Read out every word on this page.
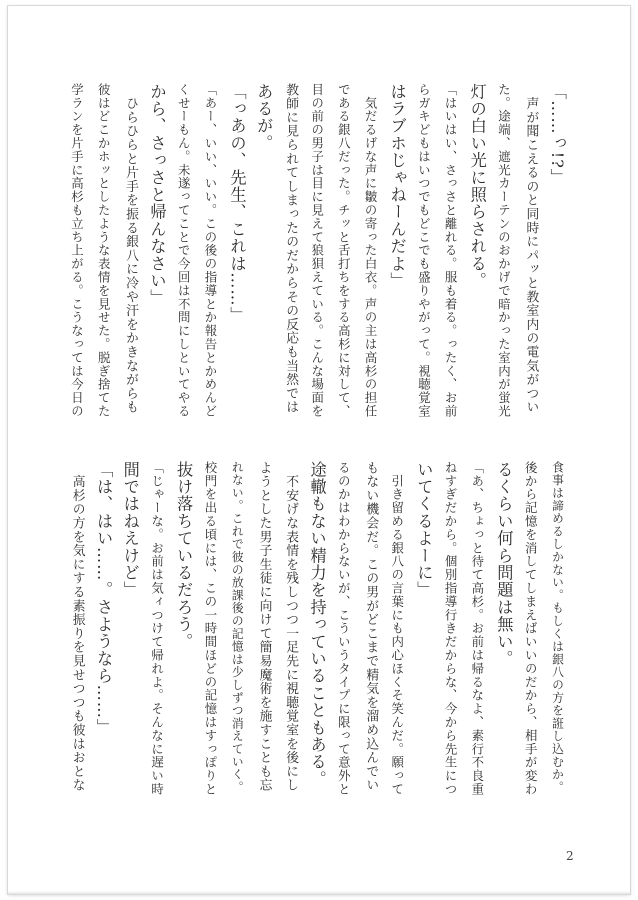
「……っ!?」
　声が聞こえるのと同時にパッと教室内の電気がつい
た。途端、遮光カーテンのおかげで暗かった室内が蛍光
灯の白い光に照らされる。
「はいはい、さっさと離れる。服も着る。ったく、お前
らガキどもはいつでもどこでも盛りやがって。視聴覚室
はラブホじゃねーんだよ」
　気だるげな声に皺の寄った白衣。声の主は高杉の担任
である銀八だった。チッと舌打ちをする高杉に対して、
目の前の男子は目に見えて狼狽えている。こんな場面を
教師に見られてしまったのだからその反応も当然では
あるが。
「っあの、先生、これは……」
「あー、いい、いい。この後の指導とか報告とかめんど
くせーもん。未遂ってことで今回は不問にしといてやる
から、さっさと帰んなさい」
　ひらひらと片手を振る銀八に冷や汗をかきながらも
彼はどこかホッとしたような表情を見せた。脱ぎ捨てた
学ランを片手に高杉も立ち上がる。こうなっては今日の
食事は諦めるしかない。もしくは銀八の方を誑し込むか。
後から記憶を消してしまえばいいのだから、相手が変わ
るくらい何ら問題は無い。
「あ、ちょっと待て高杉。お前は帰るなよ、素行不良重
ねすぎだから。個別指導行きだからな、今から先生につ
いてくるよーに」
　引き留める銀八の言葉にも内心ほくそ笑んだ。願って
もない機会だ。この男がどこまで精気を溜め込んでい
るのかはわからないが、こういうタイプに限って意外と
途轍もない精力を持っていることもある。
　不安げな表情を残しつつ一足先に視聴覚室を後にし
ようとした男子生徒に向けて簡易魔術を施すことも忘
れない。これで彼の放課後の記憶は少しずつ消えていく。
校門を出る頃には、この一時間ほどの記憶はすっぽりと
抜け落ちているだろう。
「じゃーな。お前は気ィつけて帰れよ。そんなに遅い時
間ではねえけど」
「は、はい……。さようなら……」
　高杉の方を気にする素振りを見せつつも彼はおとな
2
